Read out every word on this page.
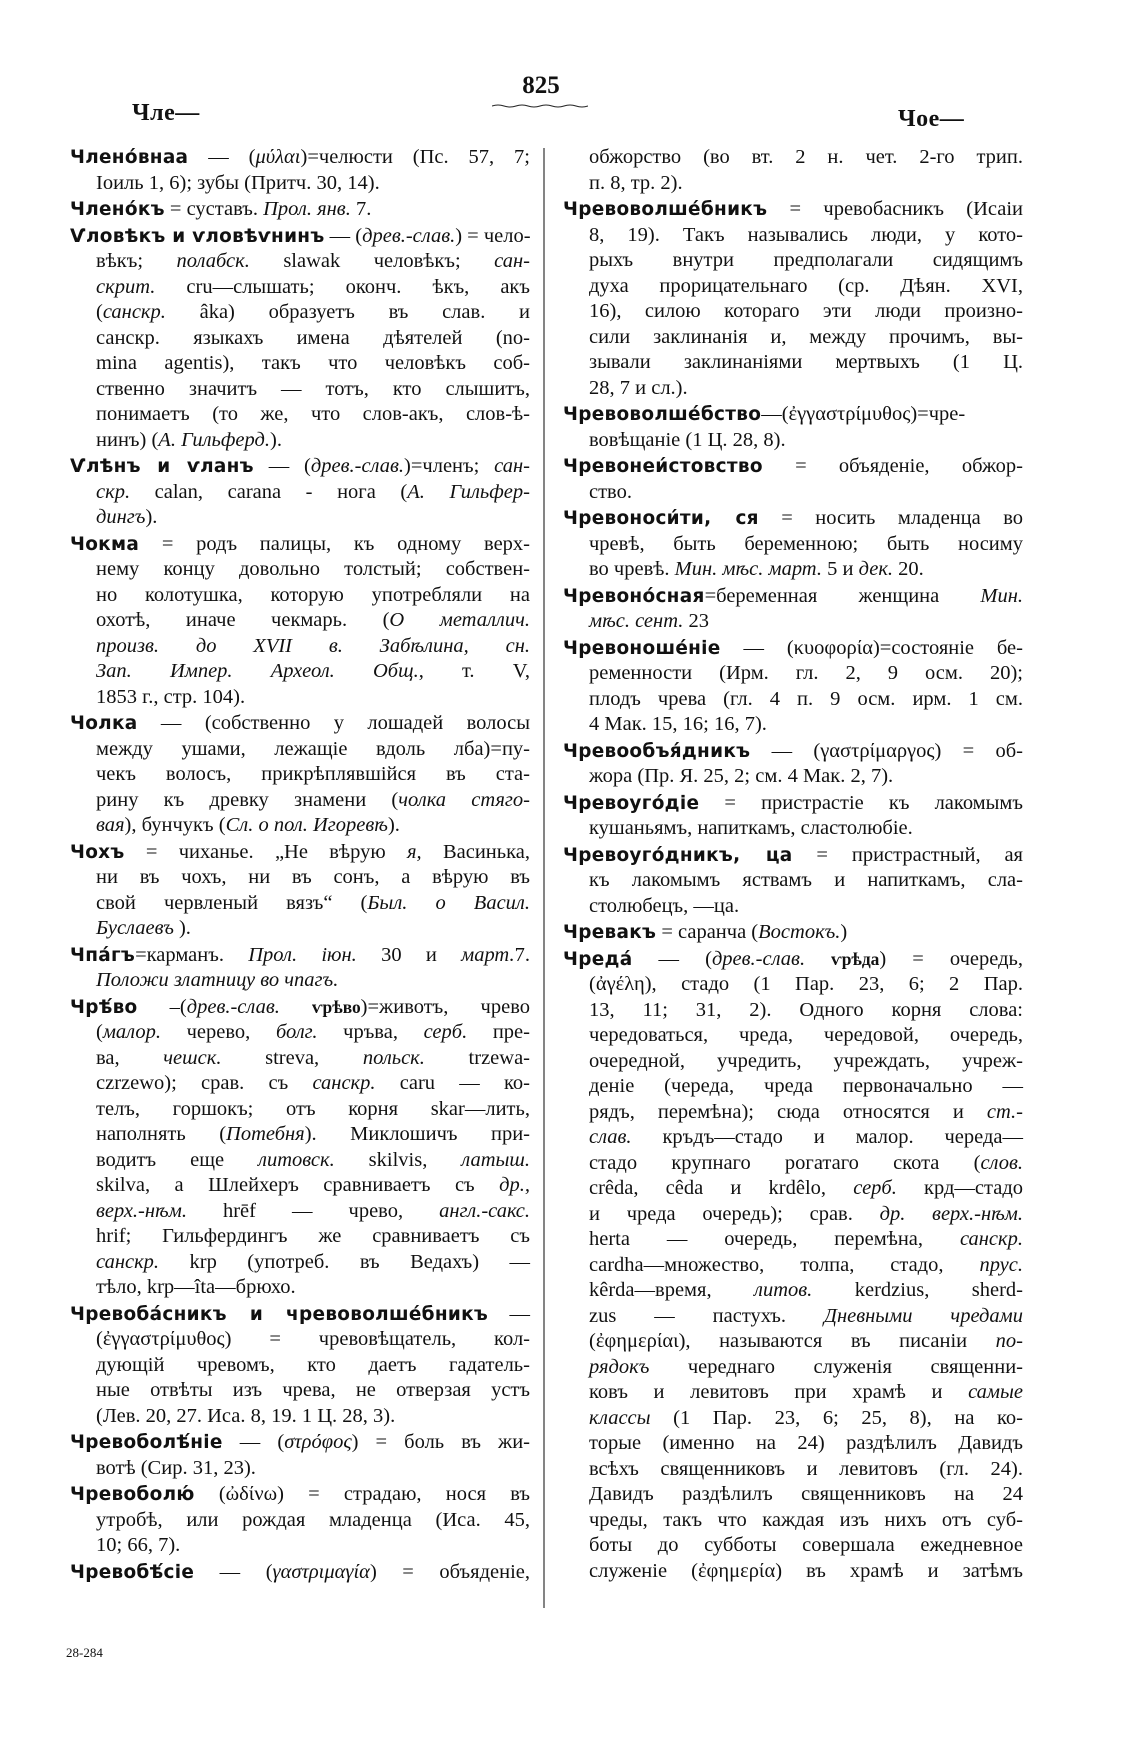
825
Чле—	Чое—
Членóвнаа — (μύλαι)=челюсти (Пс. 57, 7;
Іоиль 1, 6); зубы (Притч. 30, 14).
Членóкъ = суставъ. Прол. янв. 7.
Ѵловѣкъ и ѵловѣѵнинъ — (древ.-слав.) = чело-
вѣкъ; полабск. slawak человѣкъ; сан-
скрит. cru—слышать; оконч. ѣкъ, акъ
(санскр. âka) образуетъ въ слав. и
санскр. языкахъ имена дѣятелей (no-
mina agentis), такъ что человѣкъ соб-
ственно значитъ — тотъ, кто слышитъ,
понимаетъ (то же, что слов-акъ, слов-ѣ-
нинъ) (А. Гильферд.).
Ѵлѣнъ и ѵланъ — (древ.-слав.)=членъ; сан-
скр. calan, carana - нога (А. Гильфер-
дингъ).
Чокма = родъ палицы, къ одному верх-
нему концу довольно толстый; собствен-
но колотушка, которую употребляли на
охотѣ, иначе чекмарь. (О металлич.
произв. до XVII в. Забѣлина, сн.
Зап. Импер. Археол. Общ., т. V,
1853 г., стр. 104).
Чолка — (собственно у лошадей волосы
между ушами, лежащіе вдоль лба)=пу-
чекъ волосъ, прикрѣплявшійся въ ста-
рину къ древку знамени (чолка стяго-
вая), бунчукъ (Сл. о пол. Игоревѣ).
Чохъ = чиханье. „Не вѣрую я, Васинька,
ни въ чохъ, ни въ сонъ, а вѣрую въ
свой червленый вязъ“ (Был. о Васил.
Буслаевъ ).
Чпáгъ=карманъ. Прол. іюн. 30 и март.7.
Положи златницу во чпагъ.
Чрѣ́во –(древ.-слав. ѵрѣво)=животъ, чрево
(малор. черево, болг. чръва, серб. пре-
ва, чешск. streva, польск. trzewa-
czrzewo); срав. съ санскр. caru — ко-
телъ, горшокъ; отъ корня skar—лить,
наполнять (Потебня). Миклошичъ при-
водитъ еще литовск. skilvis, латыш.
skilva, а Шлейхеръ сравниваетъ съ др.,
верх.-нѣм. hrēf — чрево, англ.-сакс.
hrif; Гильфердингъ же сравниваетъ съ
санскр. krp (употреб. въ Ведахъ) —
тѣло, krp—îta—брюхо.
Чревобáсникъ и чревоволшéбникъ —
(ἐγγαστρίμυθος) = чревовѣщатель, кол-
дующій чревомъ, кто даетъ гадатель-
ные отвѣты изъ чрева, не отверзая устъ
(Лев. 20, 27. Иса. 8, 19. 1 Ц. 28, 3).
Чревоболѣ́ніе — (στρόφος) = боль въ жи-
вотѣ (Сир. 31, 23).
Чревоболю́ (ὠδίνω) = страдаю, нося въ
утробѣ, или рождая младенца (Иса. 45,
10; 66, 7).
Чревобѣ́сіе — (γαστριμαγία) = объяденіе,
обжорство (во вт. 2 н. чет. 2-го трип.
п. 8, тр. 2).
Чревоволшéбникъ = чревобасникъ (Исаіи
8, 19). Такъ назывались люди, у кото-
рыхъ внутри предполагали сидящимъ
духа прорицательнаго (ср. Дѣян. XVI,
16), силою котораго эти люди произно-
сили заклинанія и, между прочимъ, вы-
зывали заклинаніями мертвыхъ (1 Ц.
28, 7 и сл.).
Чревоволшéбство—(ἐγγαστρίμυθος)=чре-
вовѣщаніе (1 Ц. 28, 8).
Чревонеи́стовство = объяденіе, обжор-
ство.
Чревоноси́ти, ся = носить младенца во
чревѣ, быть беременною; быть носиму
во чревѣ. Мин. мѣс. март. 5 и дек. 20.
Чревонóсная=беременная женщина Мин.
мѣс. сент. 23
Чревоношéніе — (κυοφορία)=состояніе бе-
ременности (Ирм. гл. 2, 9 осм. 20);
плодъ чрева (гл. 4 п. 9 осм. ирм. 1 см.
4 Мак. 15, 16; 16, 7).
Чревообъя́дникъ — (γαστρίμαργος) = об-
жора (Пр. Я. 25, 2; см. 4 Мак. 2, 7).
Чревоугóдіе = пристрастіе къ лакомымъ
кушаньямъ, напиткамъ, сластолюбіе.
Чревоугóдникъ, ца = пристрастный, ая
къ лакомымъ яствамъ и напиткамъ, сла-
столюбецъ, —ца.
Чревакъ = саранча (Востокъ.)
Чредá — (древ.-слав. ѵрѣда) = очередь,
(ἀγέλη), стадо (1 Пар. 23, 6; 2 Пар.
13, 11; 31, 2). Одного корня слова:
чередоваться, чреда, чередовой, очередь,
очередной, учредить, учреждать, учреж-
деніе (череда, чреда первоначально —
рядъ, перемѣна); сюда относятся и ст.-
слав. кръдъ—стадо и малор. череда—
стадо крупнаго рогатаго скота (слов.
crêda, cêda и krdêlo, серб. крд—стадо
и чреда очередь); срав. др. верх.-нѣм.
herta — очередь, перемѣна, санскр.
cardha—множество, толпа, стадо, прус.
kêrda—время, литов. kerdzius, sherd-
zus — пастухъ. Дневными чредами
(ἐφημερίαι), называются въ писаніи по-
рядокъ череднаго служенія священни-
ковъ и левитовъ при храмѣ и самые
классы (1 Пар. 23, 6; 25, 8), на ко-
торые (именно на 24) раздѣлилъ Давидъ
всѣхъ священниковъ и левитовъ (гл. 24).
Давидъ раздѣлилъ священниковъ на 24
чреды, такъ что каждая изъ нихъ отъ суб-
боты до субботы совершала ежедневное
служеніе (ἐφημερία) въ храмѣ и затѣмъ
28-284
